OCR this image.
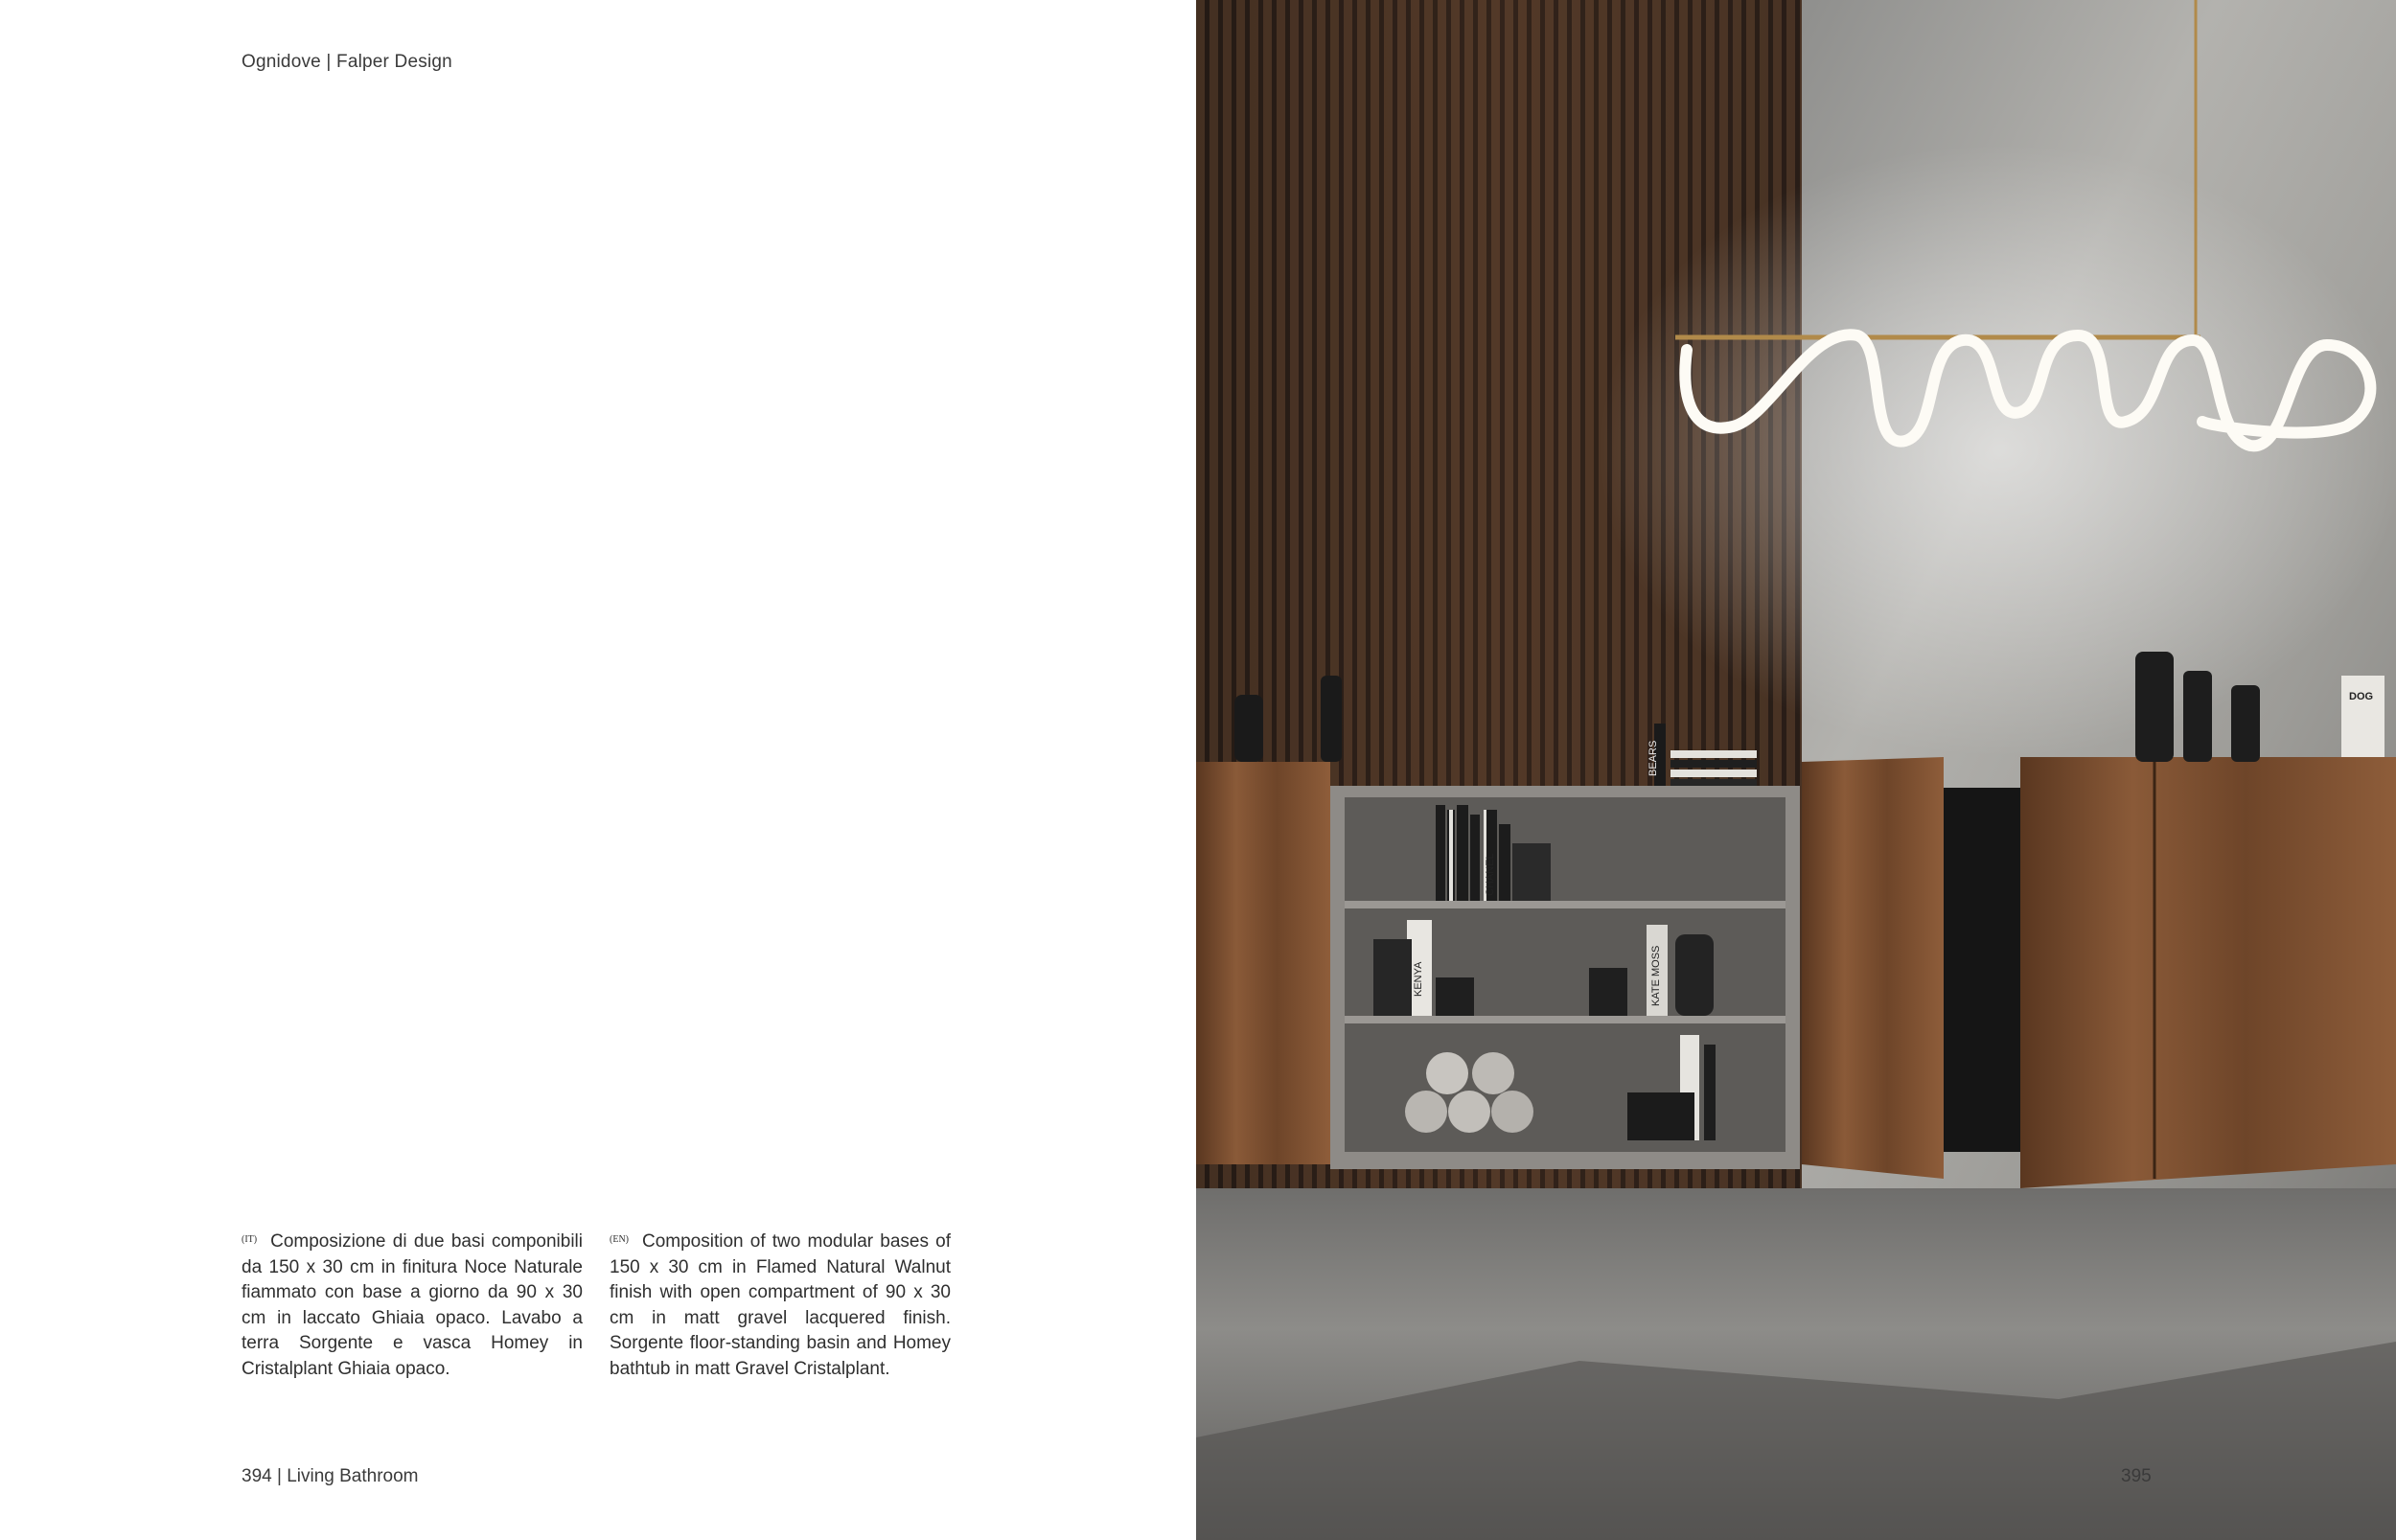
Ognidove | Falper Design
$^{(IT)}$ Composizione di due basi componibili da 150 x 30 cm in finitura Noce Naturale fiammato con base a giorno da 90 x 30 cm in laccato Ghiaia opaco. Lavabo a terra Sorgente e vasca Homey in Cristalplant Ghiaia opaco.
$^{(EN)}$ Composition of two modular bases of 150 x 30 cm in Flamed Natural Walnut finish with open compartment of 90 x 30 cm in matt gravel lacquered finish. Sorgente floor-standing basin and Homey bathtub in matt Gravel Cristalplant.
394 | Living Bathroom
BEARS
KENYA
CHANEL
KATE MOSS
DOG
395
